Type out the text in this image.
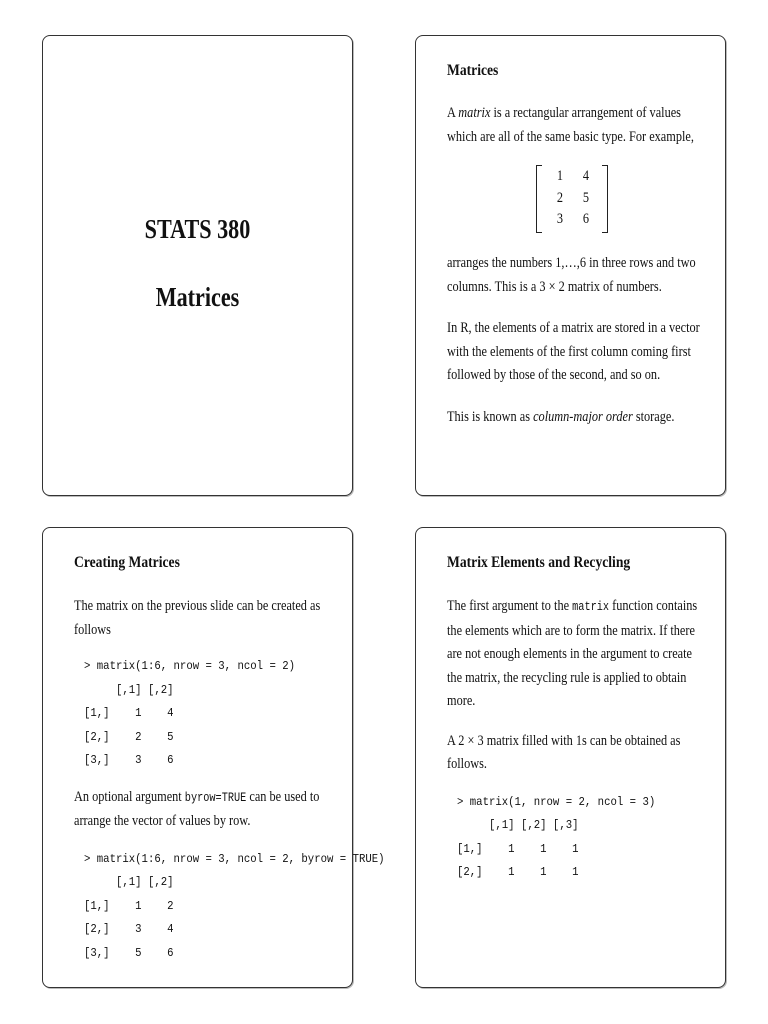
STATS 380
Matrices
Matrices

A matrix is a rectangular arrangement of values which are all of the same basic type. For example,

1	4
2	5
3	6

arranges the numbers 1,…,6 in three rows and two columns. This is a 3 × 2 matrix of numbers.

In R, the elements of a matrix are stored in a vector with the elements of the first column coming first followed by those of the second, and so on.

This is known as column-major order storage.

Creating Matrices

The matrix on the previous slide can be created as follows

> matrix(1:6, nrow = 3, ncol = 2)
[,1] [,2]
[1,]    1    4
[2,]    2    5
[3,]    3    6

An optional argument byrow=TRUE can be used to arrange the vector of values by row.

> matrix(1:6, nrow = 3, ncol = 2, byrow = TRUE)
[,1] [,2]
[1,]    1    2
[2,]    3    4
[3,]    5    6
Matrix Elements and Recycling

The first argument to the matrix function contains the elements which are to form the matrix. If there are not enough elements in the argument to create the matrix, the recycling rule is applied to obtain more.

A 2 × 3 matrix filled with 1s can be obtained as follows.

> matrix(1, nrow = 2, ncol = 3)
[,1] [,2] [,3]
[1,]    1    1    1
[2,]    1    1    1
